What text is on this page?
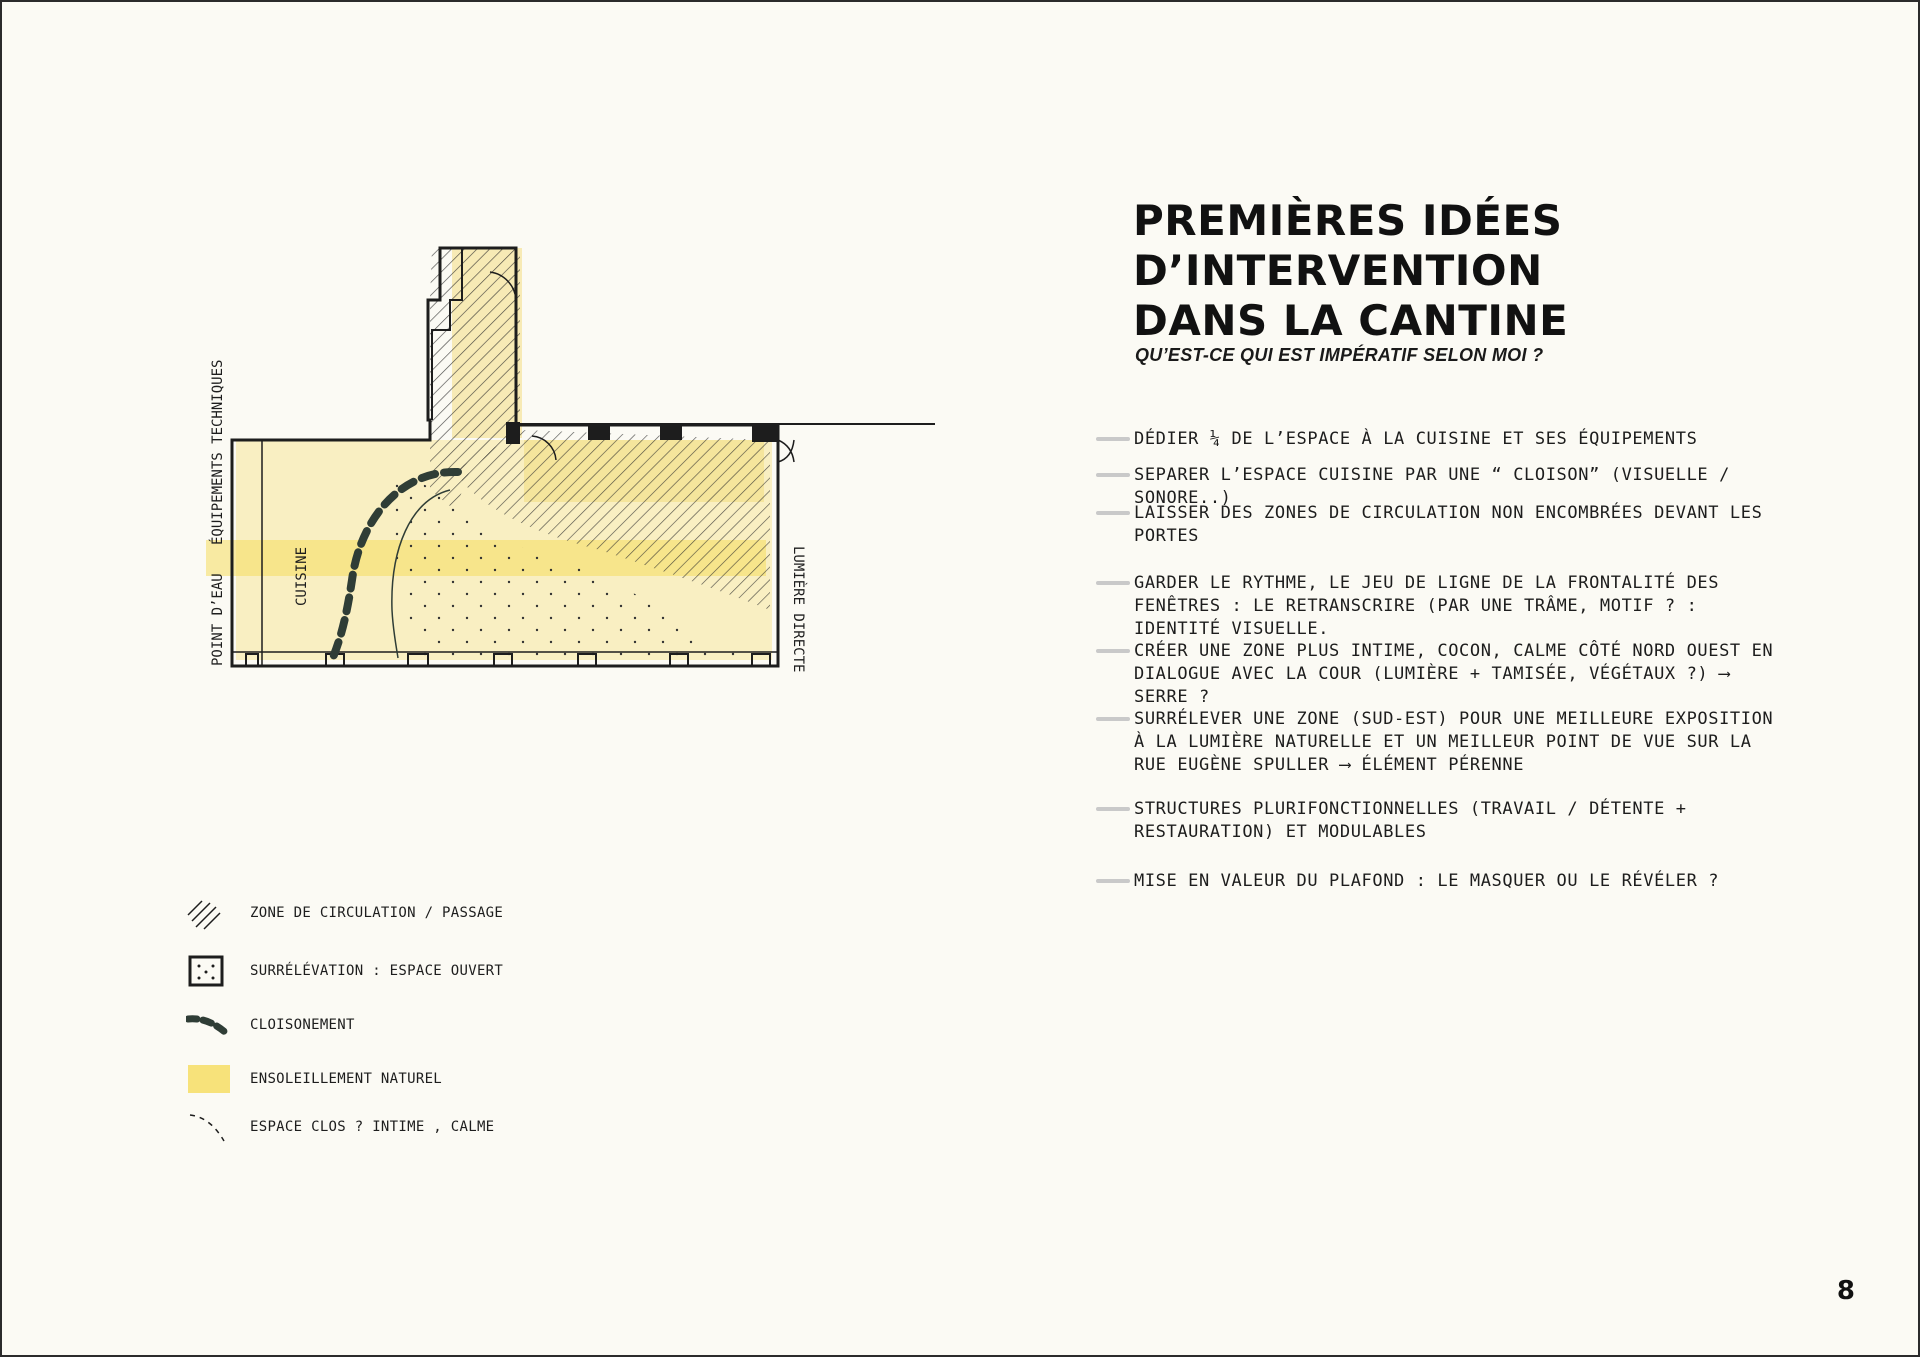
ÉQUIPEMENTS TECHNIQUES
POINT D’EAU	CUISINE	LUMIÈRE DIRECTE
PREMIÈRES IDÉES D’INTERVENTION
DANS LA CANTINE
QU’EST-CE QUI EST IMPÉRATIF SELON MOI ?
DÉDIER ¼ DE L’ESPACE À LA CUISINE ET SES ÉQUIPEMENTS
SEPARER L’ESPACE CUISINE PAR UNE “ CLOISON” (VISUELLE / SONORE..)
LAISSER DES ZONES DE CIRCULATION NON ENCOMBRÉES DEVANT LES PORTES
GARDER LE RYTHME, LE JEU DE LIGNE DE LA FRONTALITÉ DES FENÊTRES : LE RETRANSCRIRE (PAR UNE TRÂME, MOTIF ? : IDENTITÉ VISUELLE.
CRÉER UNE ZONE PLUS INTIME, COCON, CALME CÔTÉ NORD OUEST EN DIALOGUE AVEC LA COUR (LUMIÈRE + TAMISÉE, VÉGÉTAUX ?) ⟶ SERRE ?
SURRÉLEVER UNE ZONE (SUD-EST) POUR UNE MEILLEURE EXPOSITION À LA LUMIÈRE NATURELLE ET UN MEILLEUR POINT DE VUE SUR LA RUE EUGÈNE SPULLER ⟶ ÉLÉMENT PÉRENNE
STRUCTURES PLURIFONCTIONNELLES (TRAVAIL / DÉTENTE + RESTAURATION) ET MODULABLES
MISE EN VALEUR DU PLAFOND : LE MASQUER OU LE RÉVÉLER ?
ZONE DE CIRCULATION / PASSAGE
SURRÉLÉVATION : ESPACE OUVERT
CLOISONEMENT
ENSOLEILLEMENT NATUREL
ESPACE CLOS ? INTIME , CALME
8
